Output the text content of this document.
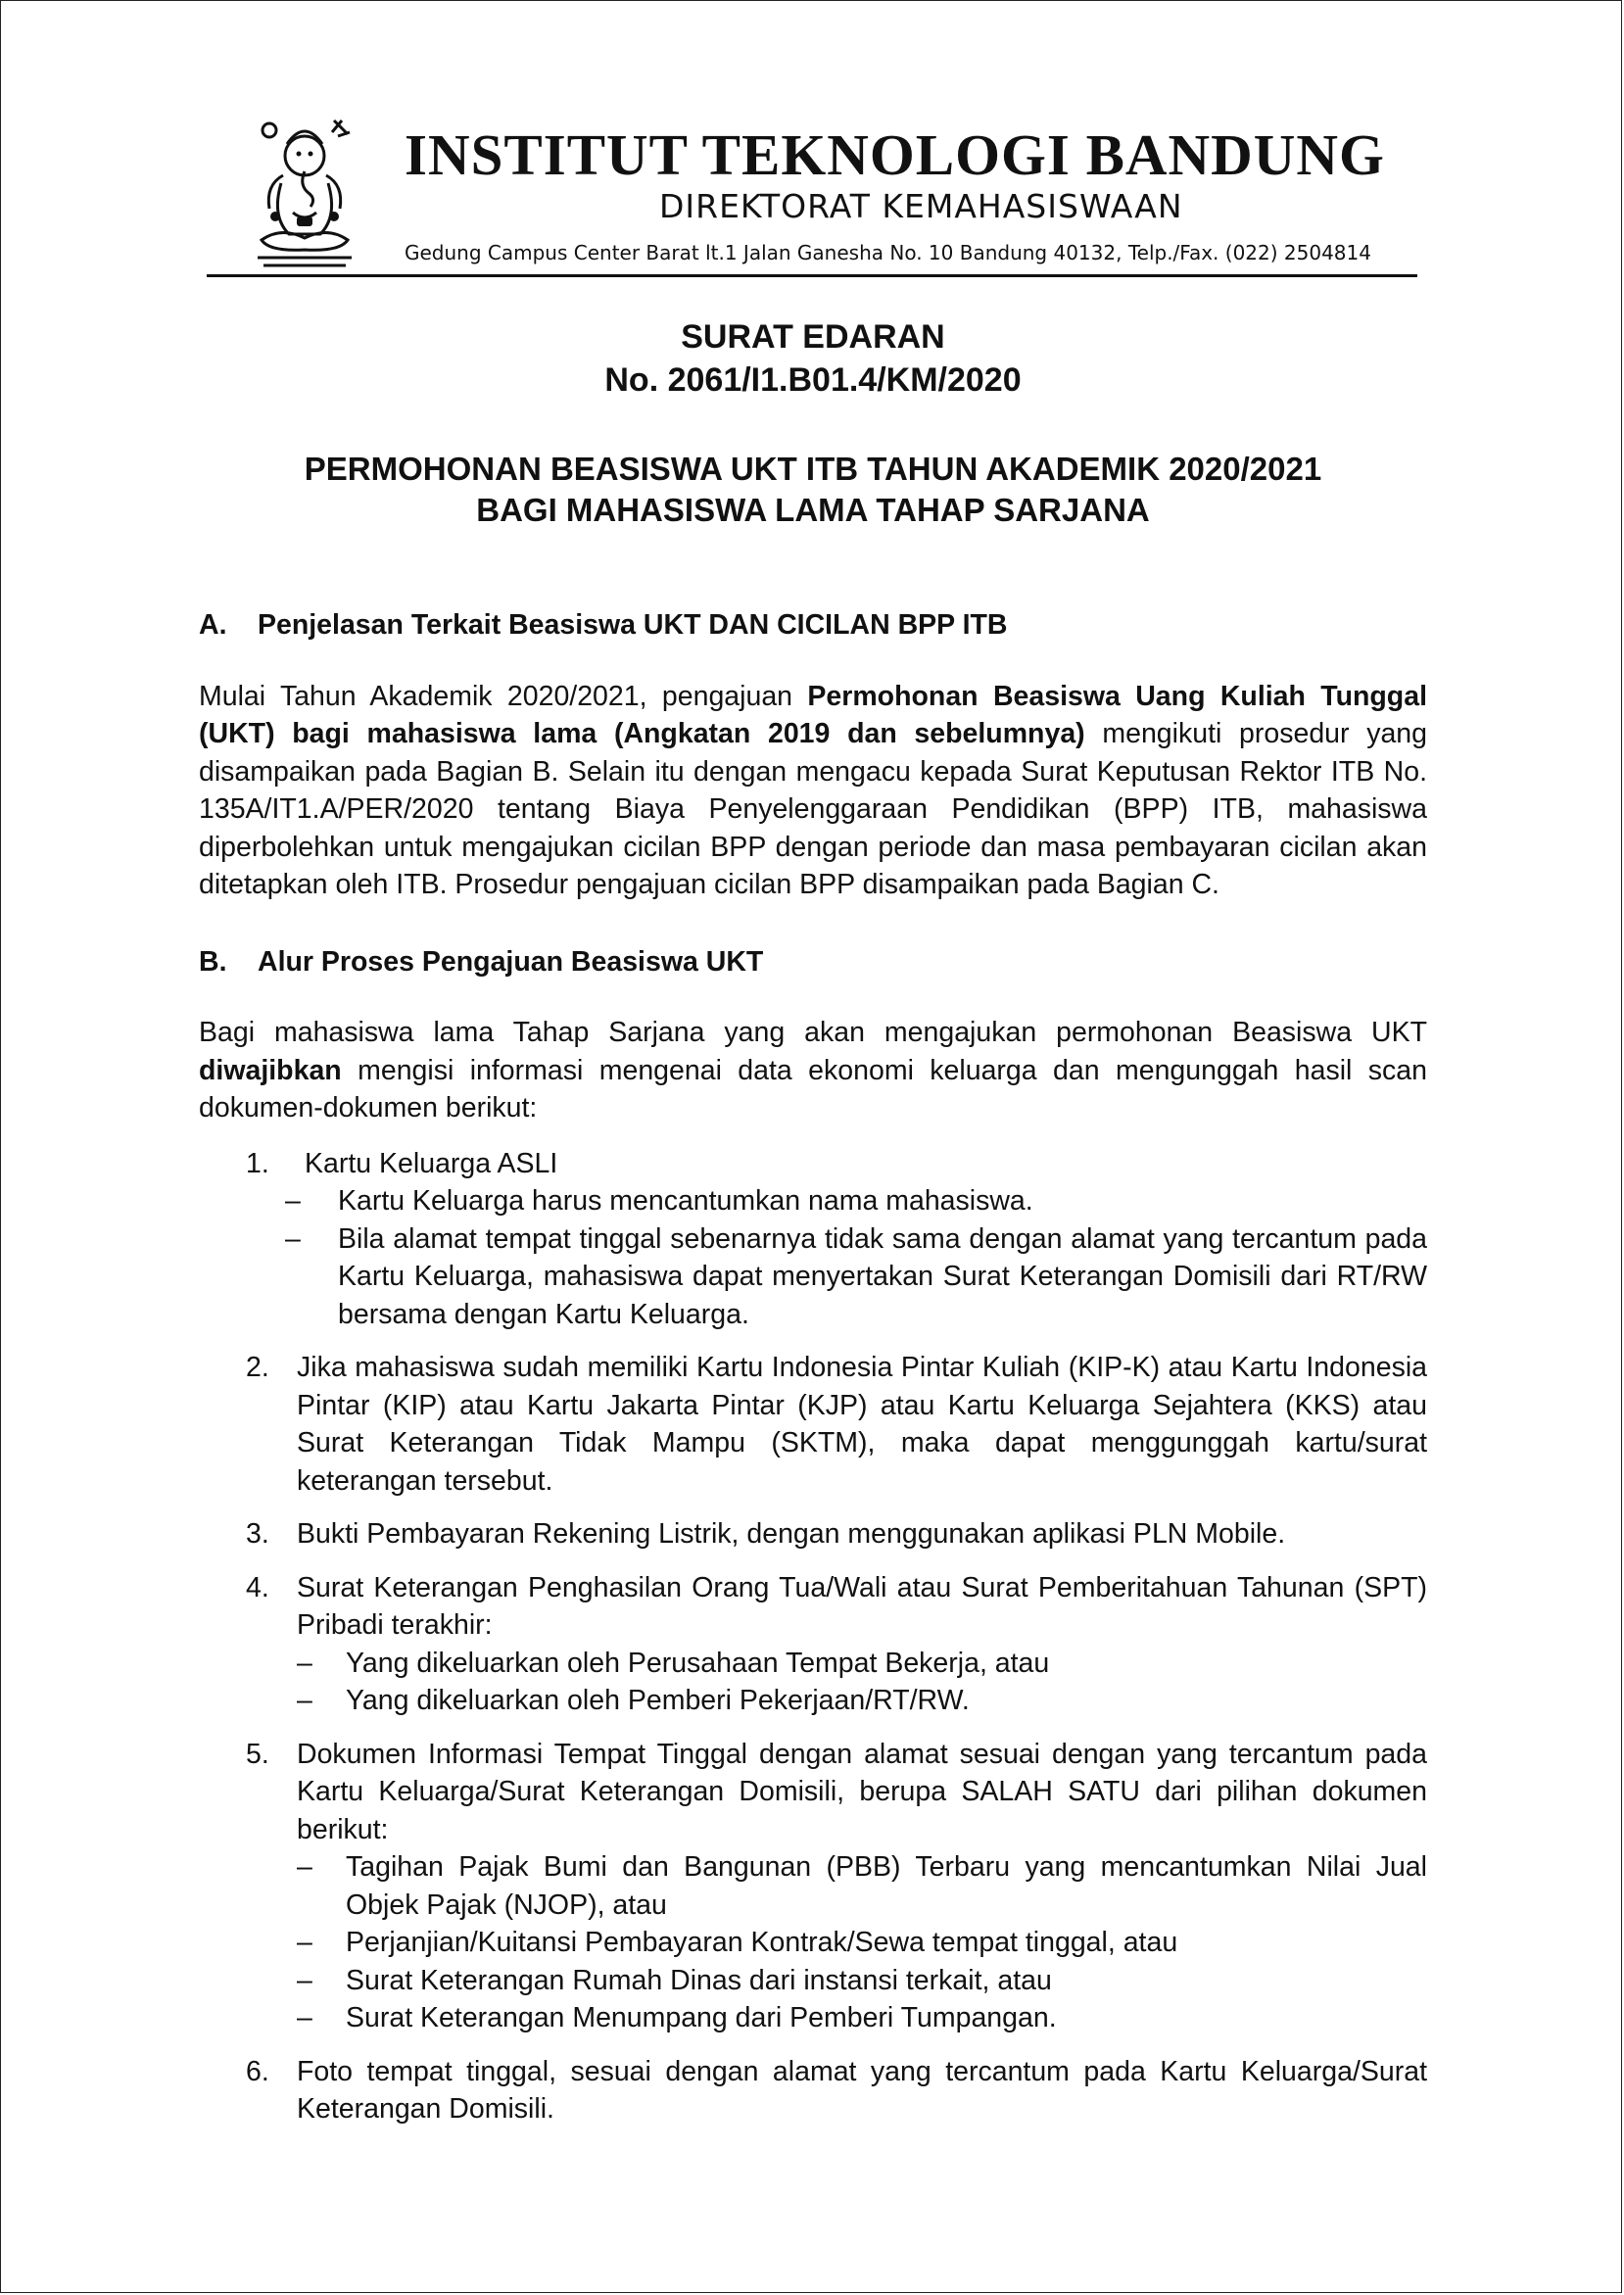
INSTITUT TEKNOLOGI BANDUNG
DIREKTORAT KEMAHASISWAAN
Gedung Campus Center Barat lt.1 Jalan Ganesha No. 10 Bandung 40132, Telp./Fax. (022) 2504814
SURAT EDARAN
No. 2061/I1.B01.4/KM/2020
PERMOHONAN BEASISWA UKT ITB TAHUN AKADEMIK 2020/2021
BAGI MAHASISWA LAMA TAHAP SARJANA
A.	Penjelasan Terkait Beasiswa UKT DAN CICILAN BPP ITB

Mulai Tahun Akademik 2020/2021, pengajuan Permohonan Beasiswa Uang Kuliah Tunggal (UKT) bagi mahasiswa lama (Angkatan 2019 dan sebelumnya) mengikuti prosedur yang disampaikan pada Bagian B. Selain itu dengan mengacu kepada Surat Keputusan Rektor ITB No. 135A/IT1.A/PER/2020 tentang Biaya Penyelenggaraan Pendidikan (BPP) ITB, mahasiswa diperbolehkan untuk mengajukan cicilan BPP dengan periode dan masa pembayaran cicilan akan ditetapkan oleh ITB. Prosedur pengajuan cicilan BPP disampaikan pada Bagian C.

B.	Alur Proses Pengajuan Beasiswa UKT

Bagi mahasiswa lama Tahap Sarjana yang akan mengajukan permohonan Beasiswa UKT diwajibkan mengisi informasi mengenai data ekonomi keluarga dan mengunggah hasil scan dokumen-dokumen berikut:

1.	Kartu Keluarga ASLI
–	Kartu Keluarga harus mencantumkan nama mahasiswa.
–	Bila alamat tempat tinggal sebenarnya tidak sama dengan alamat yang tercantum pada Kartu Keluarga, mahasiswa dapat menyertakan Surat Keterangan Domisili dari RT/RW bersama dengan Kartu Keluarga.
2. Jika mahasiswa sudah memiliki Kartu Indonesia Pintar Kuliah (KIP-K) atau Kartu Indonesia Pintar (KIP) atau Kartu Jakarta Pintar (KJP) atau Kartu Keluarga Sejahtera (KKS) atau Surat Keterangan Tidak Mampu (SKTM), maka dapat menggunggah kartu/surat keterangan tersebut.
3. Bukti Pembayaran Rekening Listrik, dengan menggunakan aplikasi PLN Mobile.
4. Surat Keterangan Penghasilan Orang Tua/Wali atau Surat Pemberitahuan Tahunan (SPT) Pribadi terakhir:
–	Yang dikeluarkan oleh Perusahaan Tempat Bekerja, atau
–	Yang dikeluarkan oleh Pemberi Pekerjaan/RT/RW.
5. Dokumen Informasi Tempat Tinggal dengan alamat sesuai dengan yang tercantum pada Kartu Keluarga/Surat Keterangan Domisili, berupa SALAH SATU dari pilihan dokumen berikut:
–	Tagihan Pajak Bumi dan Bangunan (PBB) Terbaru yang mencantumkan Nilai Jual Objek Pajak (NJOP), atau
–	Perjanjian/Kuitansi Pembayaran Kontrak/Sewa tempat tinggal, atau
–	Surat Keterangan Rumah Dinas dari instansi terkait, atau
–	Surat Keterangan Menumpang dari Pemberi Tumpangan.
6. Foto tempat tinggal, sesuai dengan alamat yang tercantum pada Kartu Keluarga/Surat Keterangan Domisili.
